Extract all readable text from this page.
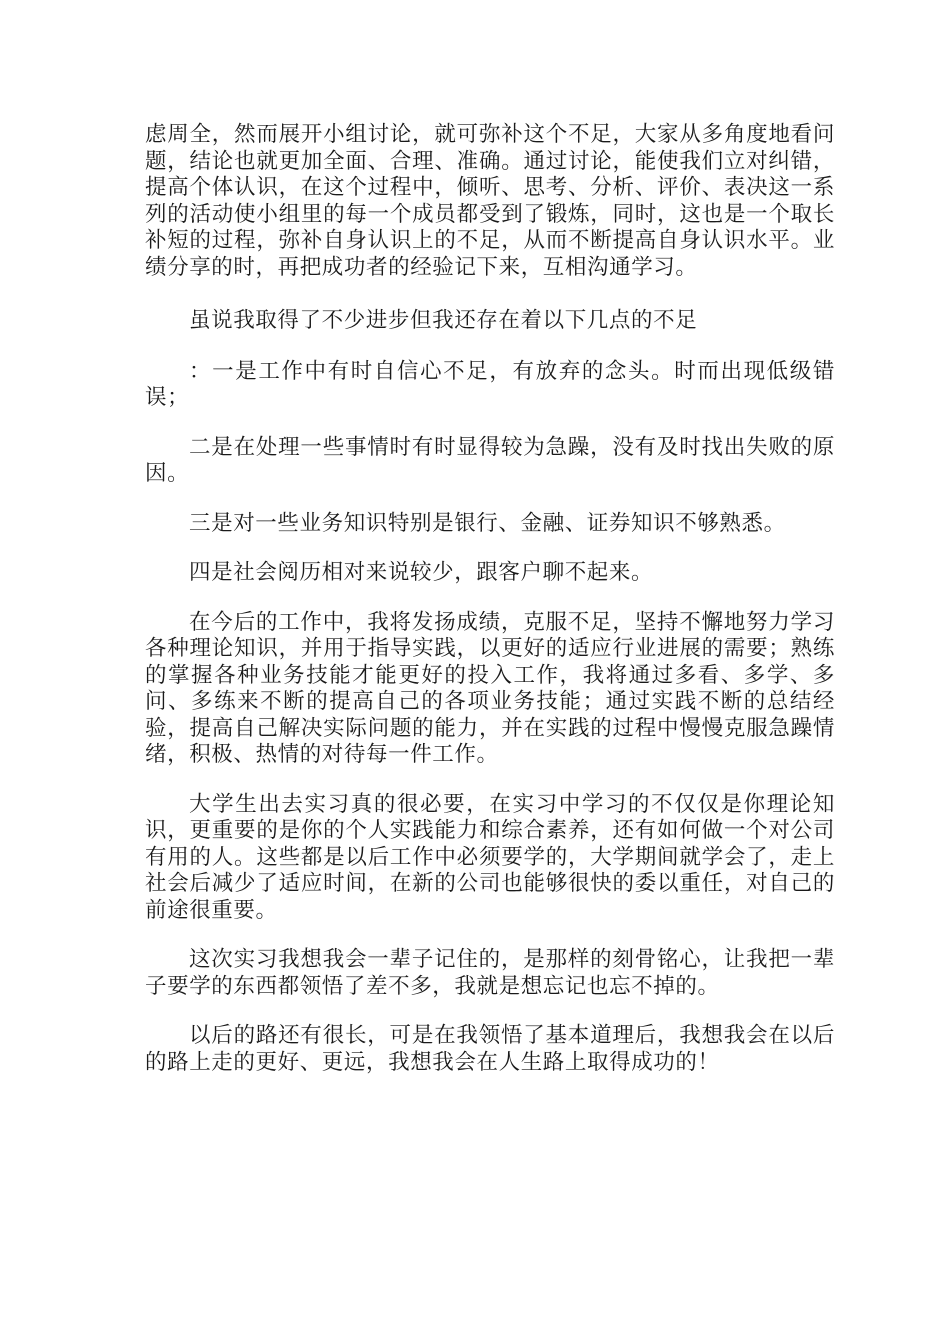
虑周全，然而展开小组讨论，就可弥补这个不足，大家从多角度地看问题，结论也就更加全面、合理、准确。通过讨论，能使我们立对纠错，提高个体认识，在这个过程中，倾听、思考、分析、评价、表决这一系列的活动使小组里的每一个成员都受到了锻炼，同时，这也是一个取长补短的过程，弥补自身认识上的不足，从而不断提高自身认识水平。业绩分享的时，再把成功者的经验记下来，互相沟通学习。

虽说我取得了不少进步但我还存在着以下几点的不足

：一是工作中有时自信心不足，有放弃的念头。时而出现低级错误；

二是在处理一些事情时有时显得较为急躁，没有及时找出失败的原因。

三是对一些业务知识特别是银行、金融、证券知识不够熟悉。

四是社会阅历相对来说较少，跟客户聊不起来。

在今后的工作中，我将发扬成绩，克服不足，坚持不懈地努力学习各种理论知识，并用于指导实践，以更好的适应行业进展的需要；熟练的掌握各种业务技能才能更好的投入工作，我将通过多看、多学、多问、多练来不断的提高自己的各项业务技能；通过实践不断的总结经验，提高自己解决实际问题的能力，并在实践的过程中慢慢克服急躁情绪，积极、热情的对待每一件工作。

大学生出去实习真的很必要，在实习中学习的不仅仅是你理论知识，更重要的是你的个人实践能力和综合素养，还有如何做一个对公司有用的人。这些都是以后工作中必须要学的，大学期间就学会了，走上社会后减少了适应时间，在新的公司也能够很快的委以重任，对自己的前途很重要。

这次实习我想我会一辈子记住的，是那样的刻骨铭心，让我把一辈子要学的东西都领悟了差不多，我就是想忘记也忘不掉的。

以后的路还有很长，可是在我领悟了基本道理后，我想我会在以后的路上走的更好、更远，我想我会在人生路上取得成功的！
